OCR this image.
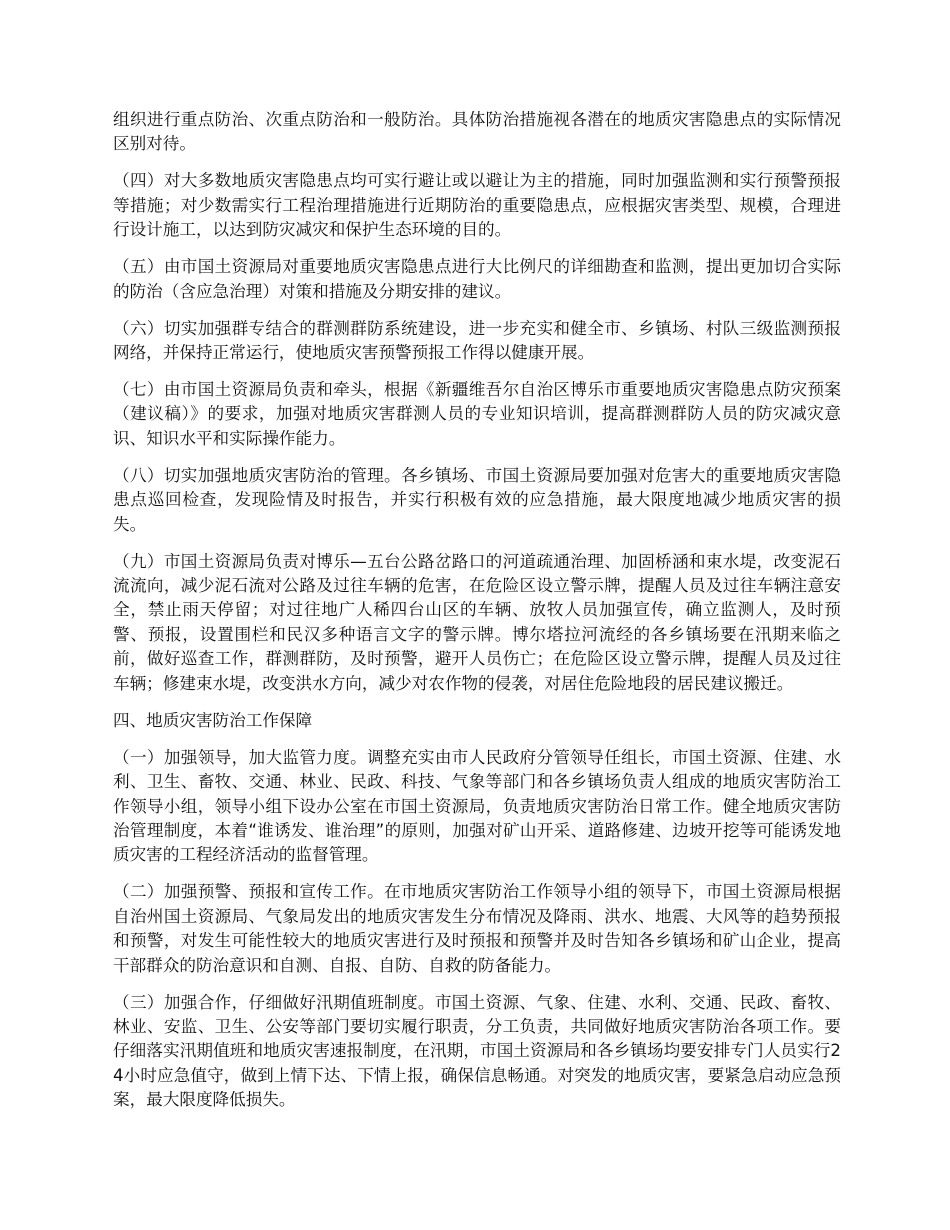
组织进行重点防治、次重点防治和一般防治。具体防治措施视各潜在的地质灾害隐患点的实际情况区别对待。

（四）对大多数地质灾害隐患点均可实行避让或以避让为主的措施，同时加强监测和实行预警预报等措施；对少数需实行工程治理措施进行近期防治的重要隐患点，应根据灾害类型、规模，合理进行设计施工，以达到防灾减灾和保护生态环境的目的。

（五）由市国土资源局对重要地质灾害隐患点进行大比例尺的详细勘查和监测，提出更加切合实际的防治（含应急治理）对策和措施及分期安排的建议。

（六）切实加强群专结合的群测群防系统建设，进一步充实和健全市、乡镇场、村队三级监测预报网络，并保持正常运行，使地质灾害预警预报工作得以健康开展。

（七）由市国土资源局负责和牵头，根据《新疆维吾尔自治区博乐市重要地质灾害隐患点防灾预案（建议稿）》的要求，加强对地质灾害群测人员的专业知识培训，提高群测群防人员的防灾减灾意识、知识水平和实际操作能力。

（八）切实加强地质灾害防治的管理。各乡镇场、市国土资源局要加强对危害大的重要地质灾害隐患点巡回检查，发现险情及时报告，并实行积极有效的应急措施，最大限度地减少地质灾害的损失。

（九）市国土资源局负责对博乐—五台公路岔路口的河道疏通治理、加固桥涵和束水堤，改变泥石流流向，减少泥石流对公路及过往车辆的危害，在危险区设立警示牌，提醒人员及过往车辆注意安全，禁止雨天停留；对过往地广人稀四台山区的车辆、放牧人员加强宣传，确立监测人，及时预警、预报，设置围栏和民汉多种语言文字的警示牌。博尔塔拉河流经的各乡镇场要在汛期来临之前，做好巡查工作，群测群防，及时预警，避开人员伤亡；在危险区设立警示牌，提醒人员及过往车辆；修建束水堤，改变洪水方向，减少对农作物的侵袭，对居住危险地段的居民建议搬迁。

四、地质灾害防治工作保障

（一）加强领导，加大监管力度。调整充实由市人民政府分管领导任组长，市国土资源、住建、水利、卫生、畜牧、交通、林业、民政、科技、气象等部门和各乡镇场负责人组成的地质灾害防治工作领导小组，领导小组下设办公室在市国土资源局，负责地质灾害防治日常工作。健全地质灾害防治管理制度，本着“谁诱发、谁治理”的原则，加强对矿山开采、道路修建、边坡开挖等可能诱发地质灾害的工程经济活动的监督管理。

（二）加强预警、预报和宣传工作。在市地质灾害防治工作领导小组的领导下，市国土资源局根据自治州国土资源局、气象局发出的地质灾害发生分布情况及降雨、洪水、地震、大风等的趋势预报和预警，对发生可能性较大的地质灾害进行及时预报和预警并及时告知各乡镇场和矿山企业，提高干部群众的防治意识和自测、自报、自防、自救的防备能力。

（三）加强合作，仔细做好汛期值班制度。市国土资源、气象、住建、水利、交通、民政、畜牧、林业、安监、卫生、公安等部门要切实履行职责，分工负责，共同做好地质灾害防治各项工作。要仔细落实汛期值班和地质灾害速报制度，在汛期，市国土资源局和各乡镇场均要安排专门人员实行24小时应急值守，做到上情下达、下情上报，确保信息畅通。对突发的地质灾害，要紧急启动应急预案，最大限度降低损失。
